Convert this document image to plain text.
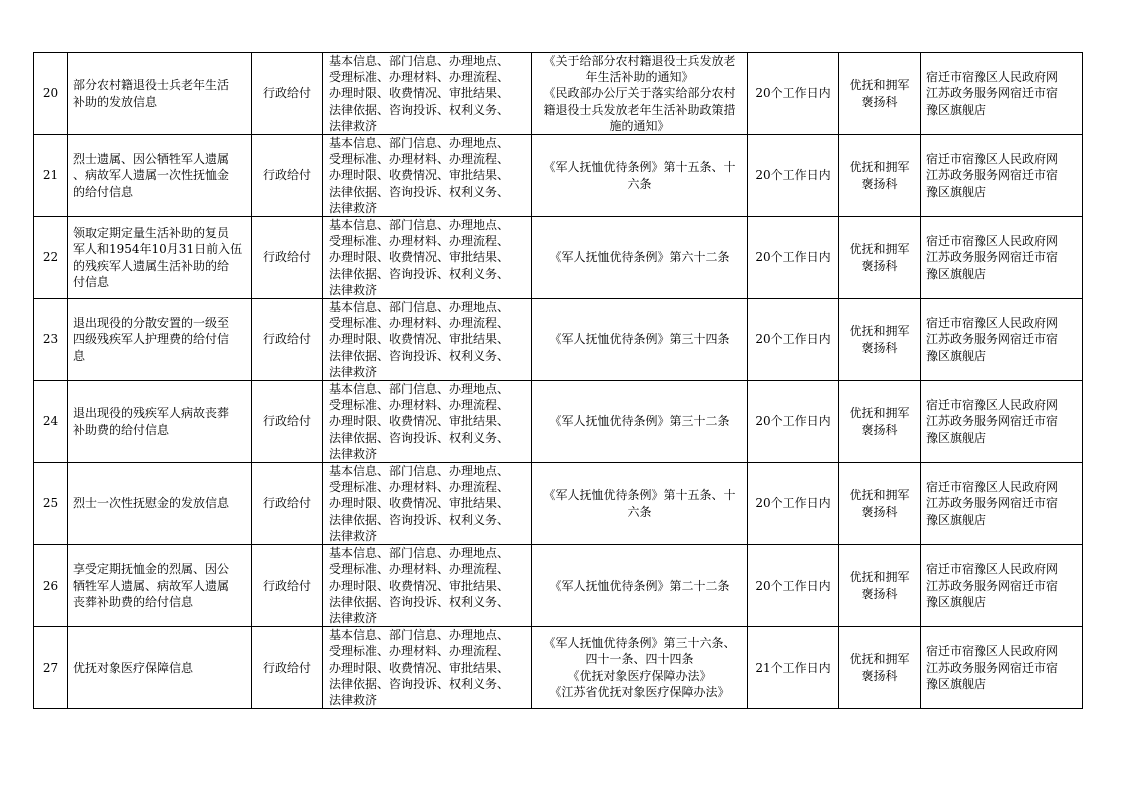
20	部分农村籍退役士兵老年生活
补助的发放信息	行政给付	基本信息、部门信息、办理地点、
受理标准、办理材料、办理流程、
办理时限、收费情况、审批结果、
法律依据、咨询投诉、权利义务、
法律救济	《关于给部分农村籍退役士兵发放老
年生活补助的通知》
《民政部办公厅关于落实给部分农村
籍退役士兵发放老年生活补助政策措
施的通知》	20个工作日内	优抚和拥军
褒扬科	宿迁市宿豫区人民政府网
江苏政务服务网宿迁市宿
豫区旗舰店

21	烈士遗属、因公牺牲军人遗属
、病故军人遗属一次性抚恤金
的给付信息	行政给付	基本信息、部门信息、办理地点、
受理标准、办理材料、办理流程、
办理时限、收费情况、审批结果、
法律依据、咨询投诉、权利义务、
法律救济	《军人抚恤优待条例》第十五条、十
六条	20个工作日内	优抚和拥军
褒扬科	宿迁市宿豫区人民政府网
江苏政务服务网宿迁市宿
豫区旗舰店

22	领取定期定量生活补助的复员
军人和1954年10月31日前入伍
的残疾军人遗属生活补助的给
付信息	行政给付	基本信息、部门信息、办理地点、
受理标准、办理材料、办理流程、
办理时限、收费情况、审批结果、
法律依据、咨询投诉、权利义务、
法律救济	《军人抚恤优待条例》第六十二条	20个工作日内	优抚和拥军
褒扬科	宿迁市宿豫区人民政府网
江苏政务服务网宿迁市宿
豫区旗舰店

23	退出现役的分散安置的一级至
四级残疾军人护理费的给付信
息	行政给付	基本信息、部门信息、办理地点、
受理标准、办理材料、办理流程、
办理时限、收费情况、审批结果、
法律依据、咨询投诉、权利义务、
法律救济	《军人抚恤优待条例》第三十四条	20个工作日内	优抚和拥军
褒扬科	宿迁市宿豫区人民政府网
江苏政务服务网宿迁市宿
豫区旗舰店

24	退出现役的残疾军人病故丧葬
补助费的给付信息	行政给付	基本信息、部门信息、办理地点、
受理标准、办理材料、办理流程、
办理时限、收费情况、审批结果、
法律依据、咨询投诉、权利义务、
法律救济	《军人抚恤优待条例》第三十二条	20个工作日内	优抚和拥军
褒扬科	宿迁市宿豫区人民政府网
江苏政务服务网宿迁市宿
豫区旗舰店

25	烈士一次性抚慰金的发放信息	行政给付	基本信息、部门信息、办理地点、
受理标准、办理材料、办理流程、
办理时限、收费情况、审批结果、
法律依据、咨询投诉、权利义务、
法律救济	《军人抚恤优待条例》第十五条、十
六条	20个工作日内	优抚和拥军
褒扬科	宿迁市宿豫区人民政府网
江苏政务服务网宿迁市宿
豫区旗舰店

26	享受定期抚恤金的烈属、因公
牺牲军人遗属、病故军人遗属
丧葬补助费的给付信息	行政给付	基本信息、部门信息、办理地点、
受理标准、办理材料、办理流程、
办理时限、收费情况、审批结果、
法律依据、咨询投诉、权利义务、
法律救济	《军人抚恤优待条例》第二十二条	20个工作日内	优抚和拥军
褒扬科	宿迁市宿豫区人民政府网
江苏政务服务网宿迁市宿
豫区旗舰店

27	优抚对象医疗保障信息	行政给付	基本信息、部门信息、办理地点、
受理标准、办理材料、办理流程、
办理时限、收费情况、审批结果、
法律依据、咨询投诉、权利义务、
法律救济	《军人抚恤优待条例》第三十六条、
四十一条、四十四条
《优抚对象医疗保障办法》
《江苏省优抚对象医疗保障办法》	21个工作日内	优抚和拥军
褒扬科	宿迁市宿豫区人民政府网
江苏政务服务网宿迁市宿
豫区旗舰店
